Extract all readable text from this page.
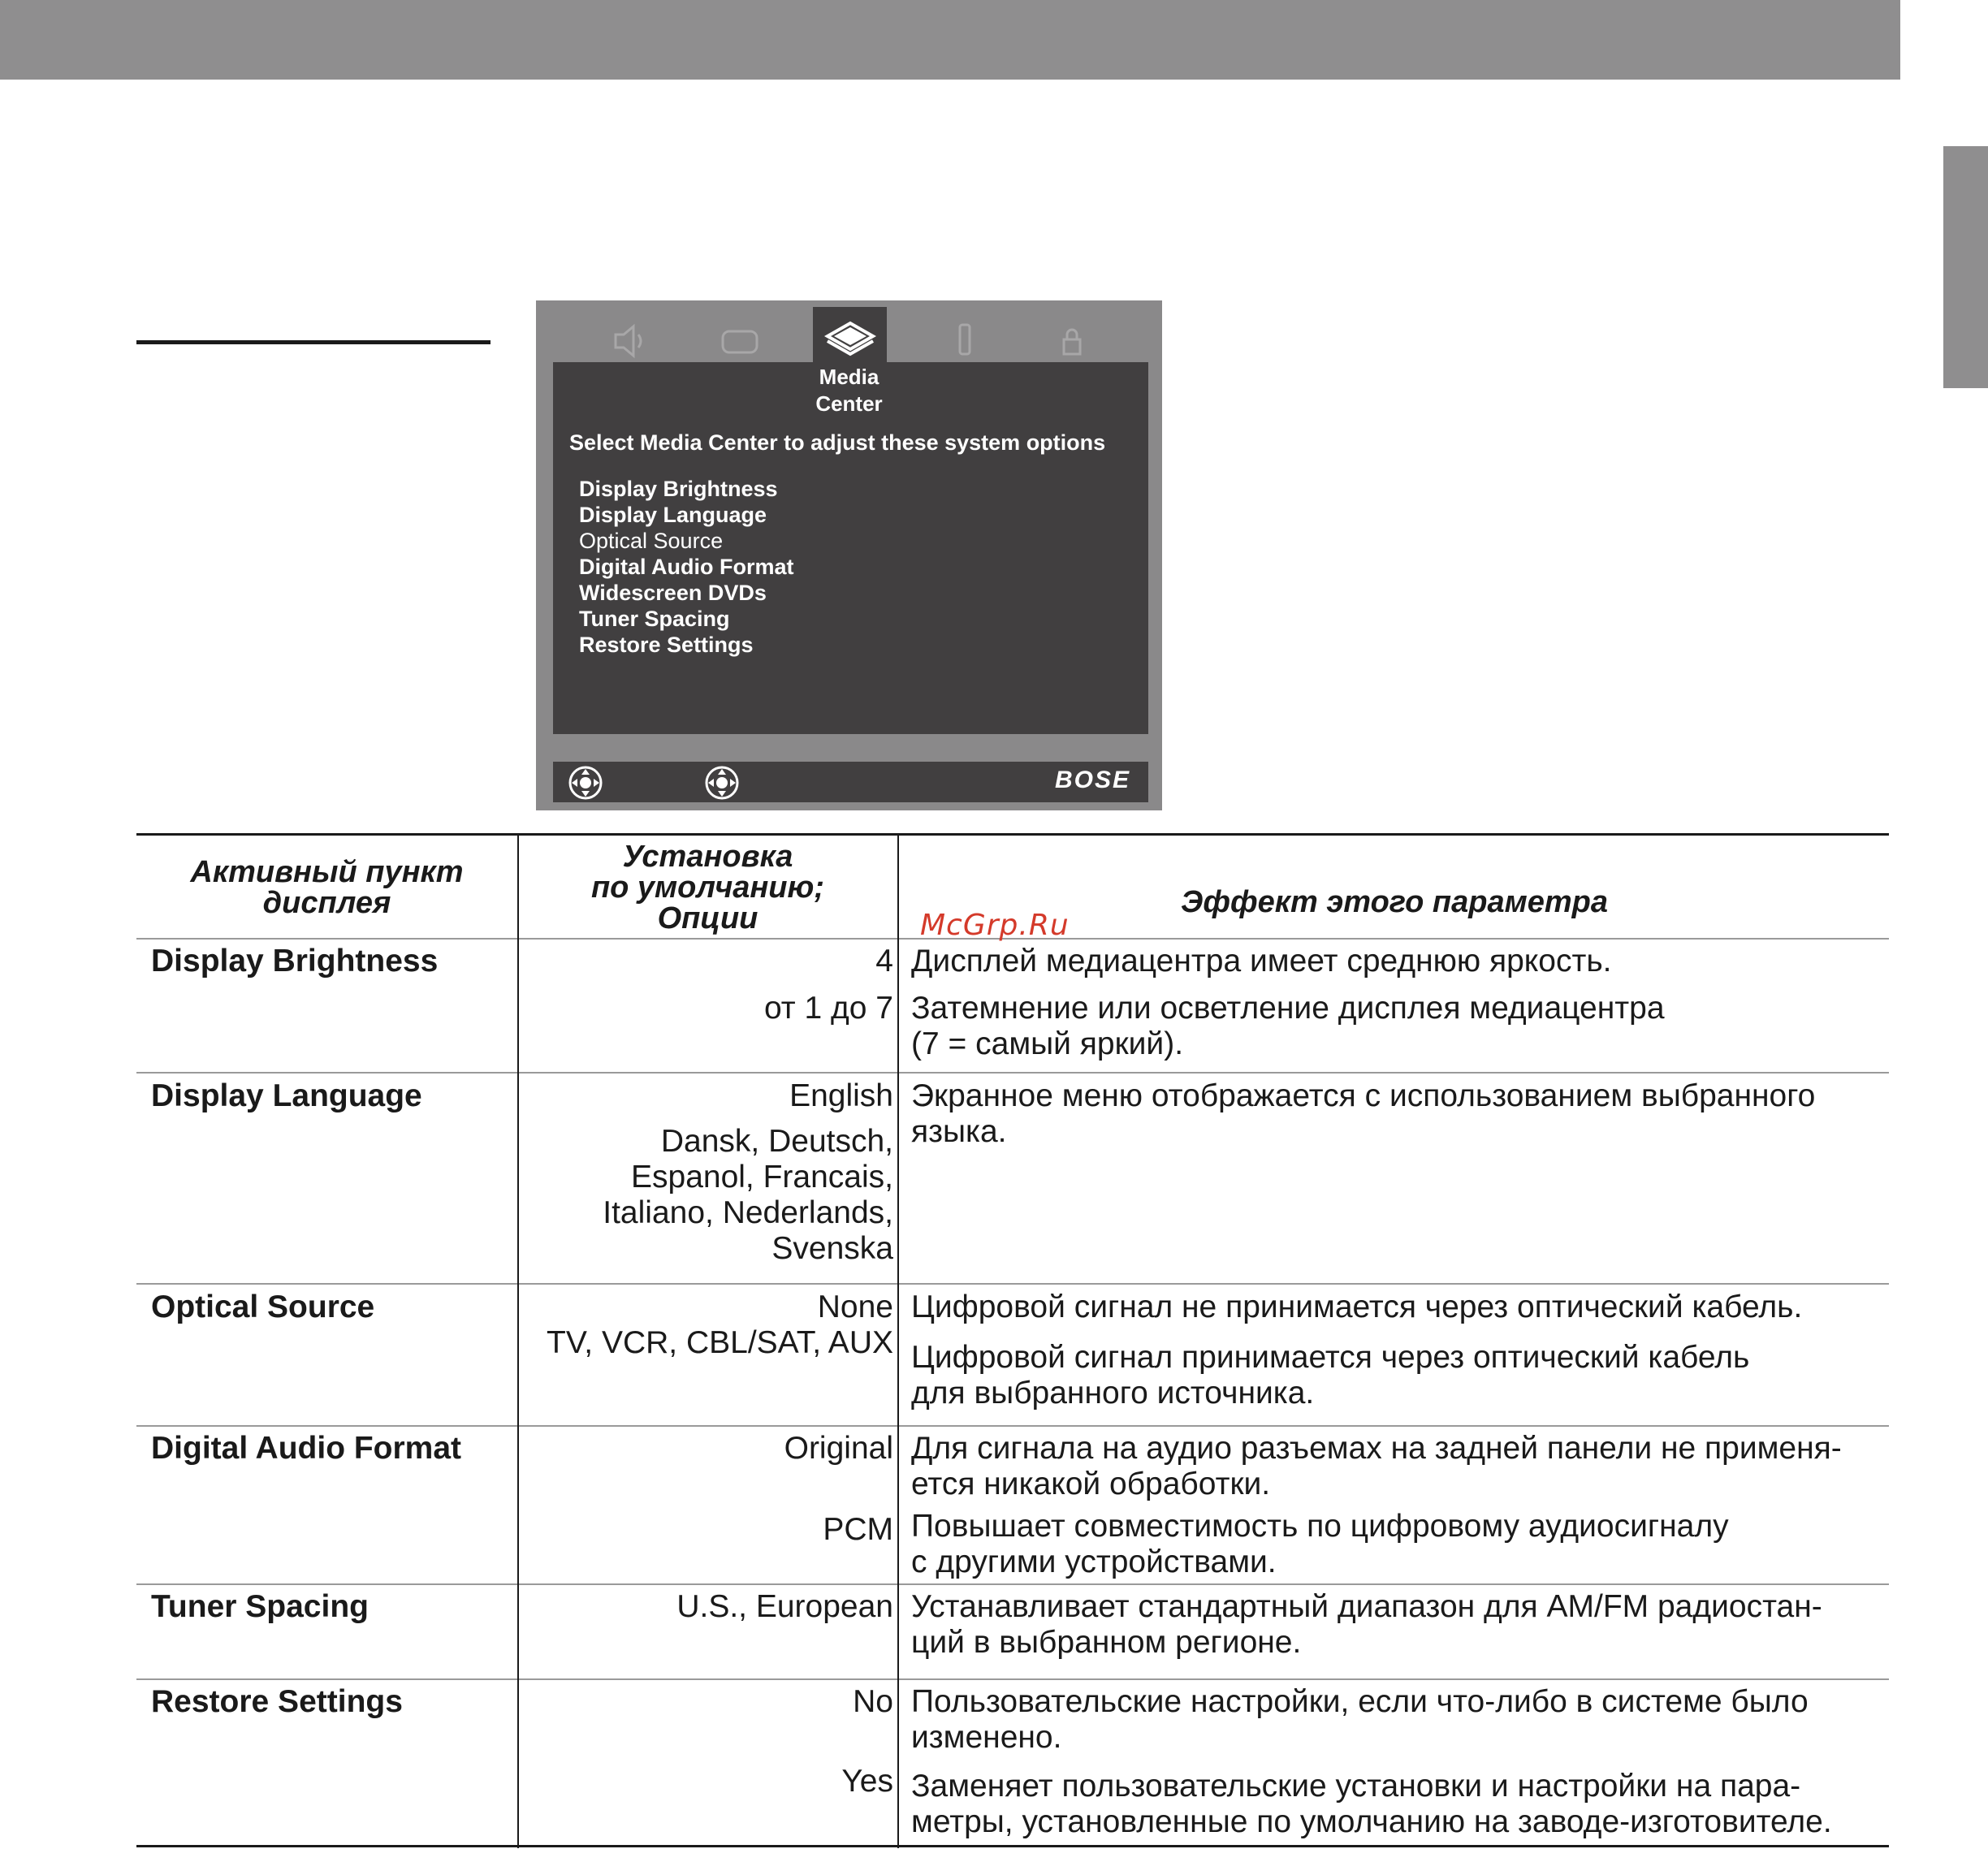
Media
Center
Select Media Center to adjust these system options
Display Brightness
Display Language
Optical Source
Digital Audio Format
Widescreen DVDs
Tuner Spacing
Restore Settings
BOSE
Активный пункт
дисплея
Установка
по умолчанию;
Опции	Эффект этого параметра
McGrp.Ru
Display Brightness	4 Дисплей медиацентра имеет среднюю яркость.
от 1 до 7 Затемнение или осветление дисплея медиацентра
(7 = самый яркий).
Display Language	English Экранное меню отображается с использованием выбранного
языка.
Dansk, Deutsch,
Espanol, Francais,
Italiano, Nederlands,
Svenska
Optical Source	None Цифровой сигнал не принимается через оптический кабель.
TV, VCR, CBL/SAT, AUX Цифровой сигнал принимается через оптический кабель
для выбранного источника.
Digital Audio Format	Original Для сигнала на аудио разъемах на задней панели не применя-
ется никакой обработки.
PCM Повышает совместимость по цифровому аудиосигналу
с другими устройствами.
Tuner Spacing	U.S., European Устанавливает стандартный диапазон для AM/FM радиостан-
ций в выбранном регионе.
Restore Settings	No Пользовательские настройки, если что-либо в системе было
изменено.
Yes Заменяет пользовательские установки и настройки на пара-
метры, установленные по умолчанию на заводе-изготовителе.
